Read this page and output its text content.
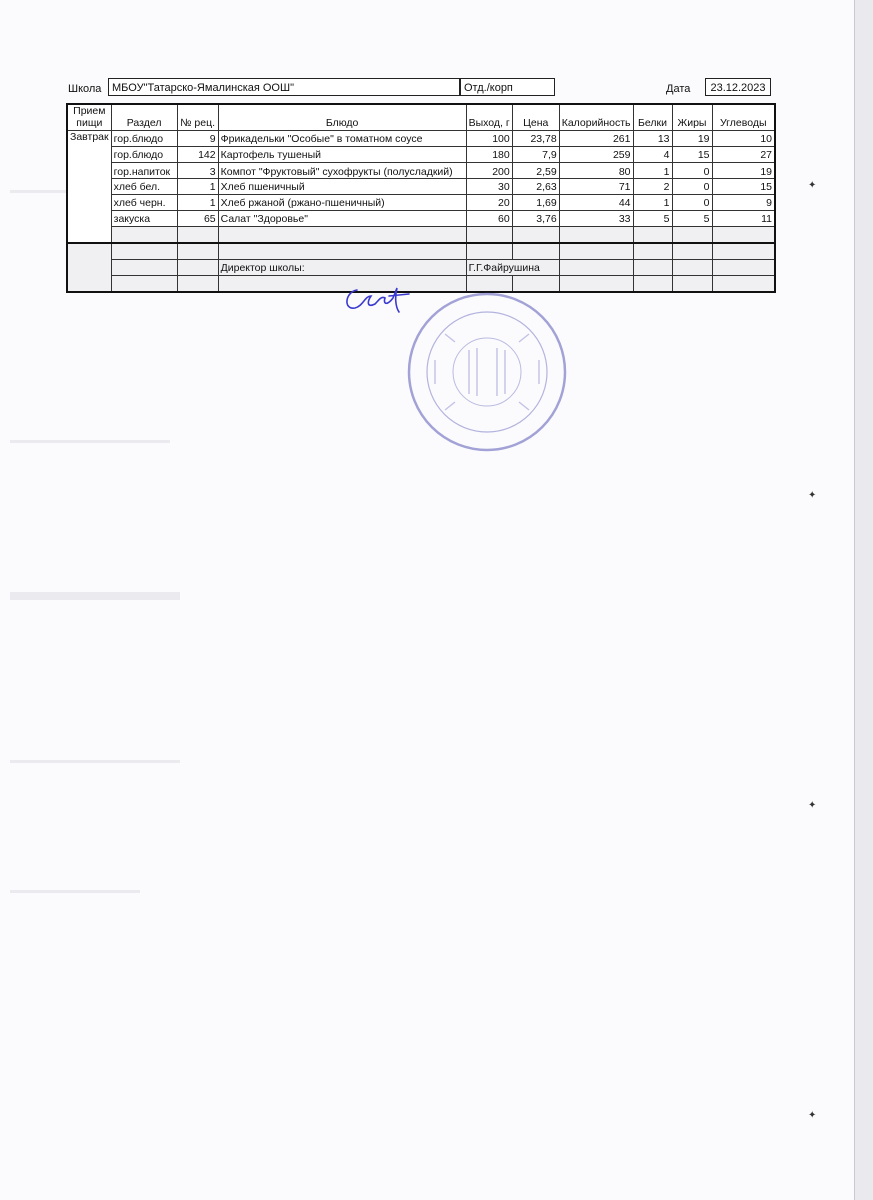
✦
✦
✦
✦
Школа МБОУ"Татарско-Ямалинская ООШ"	Отд./корп	Дата	23.12.2023
Прием
пищи	Раздел	№ рец.	Блюдо	Выход, г	Цена	Калорийность	Белки	Жиры	Углеводы
Завтрак	гор.блюдо	9	Фрикадельки "Особые" в томатном соусе	100	23,78	261	13	19	10
	гор.блюдо	142	Картофель тушеный	180	7,9	259	4	15	27
	гор.напиток	3	Компот "Фруктовый" сухофрукты (полусладкий)	200	2,59	80	1	0	19
	хлеб бел.	1	Хлеб пшеничный	30	2,63	71	2	0	15
	хлеб черн.	1	Хлеб ржаной (ржано-пшеничный)	20	1,69	44	1	0	9
	закуска	65	Салат "Здоровье"	60	3,76	33	5	5	11

			Директор школы:	Г.Г.Файрушина					
